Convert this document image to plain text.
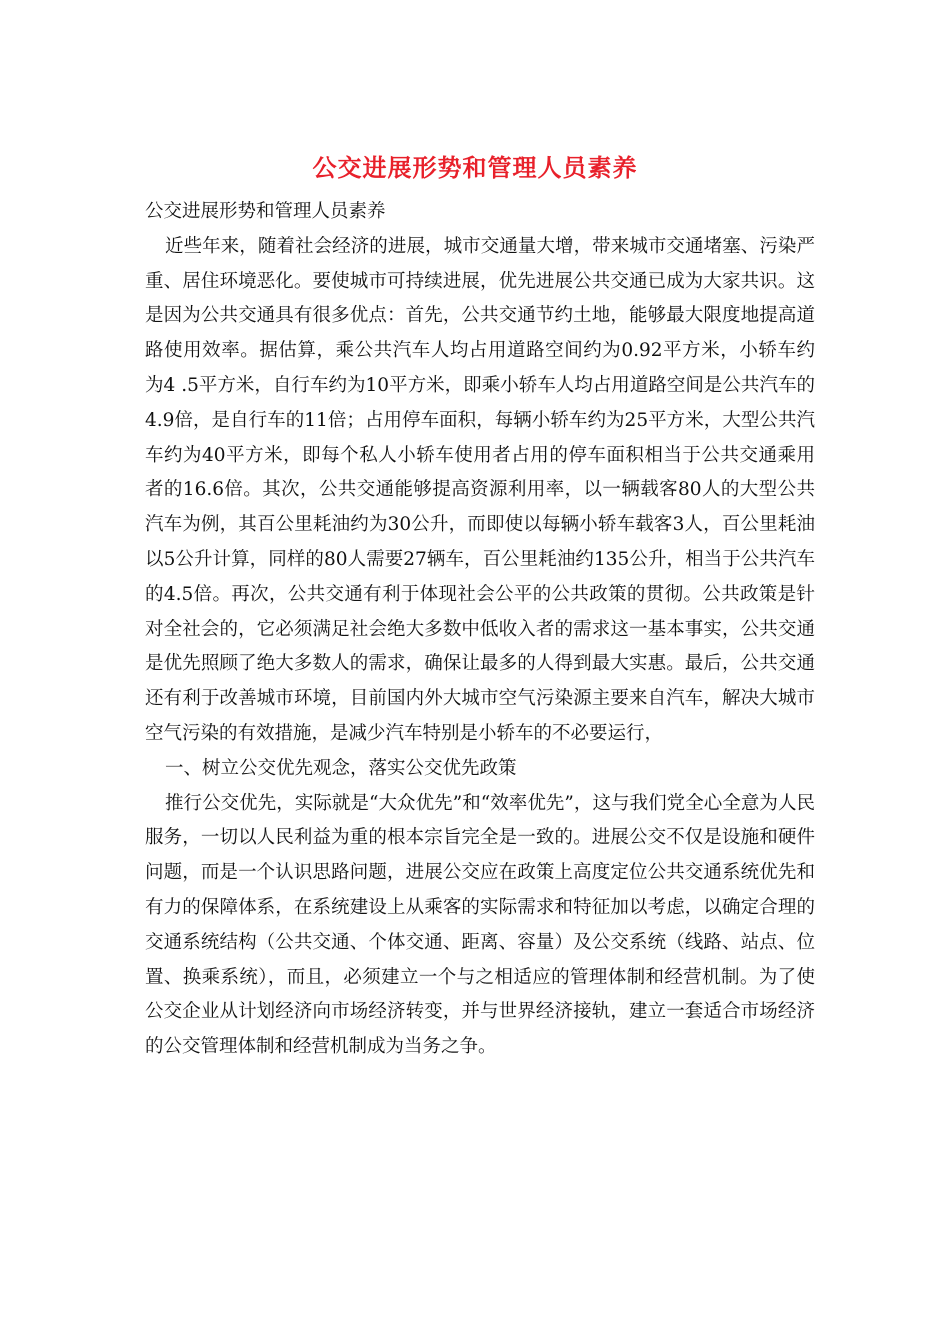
公交进展形势和管理人员素养

公交进展形势和管理人员素养

近些年来，随着社会经济的进展，城市交通量大增，带来城市交通堵塞、污染严重、居住环境恶化。要使城市可持续进展，优先进展公共交通已成为大家共识。这是因为公共交通具有很多优点：首先，公共交通节约土地，能够最大限度地提高道路使用效率。据估算，乘公共汽车人均占用道路空间约为0.92平方米，小轿车约为4 .5平方米，自行车约为10平方米，即乘小轿车人均占用道路空间是公共汽车的4.9倍，是自行车的11倍；占用停车面积，每辆小轿车约为25平方米，大型公共汽车约为40平方米，即每个私人小轿车使用者占用的停车面积相当于公共交通乘用者的16.6倍。其次，公共交通能够提高资源利用率，以一辆载客80人的大型公共汽车为例，其百公里耗油约为30公升，而即使以每辆小轿车载客3人，百公里耗油以5公升计算，同样的80人需要27辆车，百公里耗油约135公升，相当于公共汽车的4.5倍。再次，公共交通有利于体现社会公平的公共政策的贯彻。公共政策是针对全社会的，它必须满足社会绝大多数中低收入者的需求这一基本事实，公共交通是优先照顾了绝大多数人的需求，确保让最多的人得到最大实惠。最后，公共交通还有利于改善城市环境，目前国内外大城市空气污染源主要来自汽车，解决大城市空气污染的有效措施，是减少汽车特别是小轿车的不必要运行，

一、树立公交优先观念，落实公交优先政策

推行公交优先，实际就是“大众优先”和“效率优先”，这与我们党全心全意为人民服务，一切以人民利益为重的根本宗旨完全是一致的。进展公交不仅是设施和硬件问题，而是一个认识思路问题，进展公交应在政策上高度定位公共交通系统优先和有力的保障体系，在系统建设上从乘客的实际需求和特征加以考虑，以确定合理的交通系统结构（公共交通、个体交通、距离、容量）及公交系统（线路、站点、位置、换乘系统），而且，必须建立一个与之相适应的管理体制和经营机制。为了使公交企业从计划经济向市场经济转变，并与世界经济接轨，建立一套适合市场经济的公交管理体制和经营机制成为当务之争。
